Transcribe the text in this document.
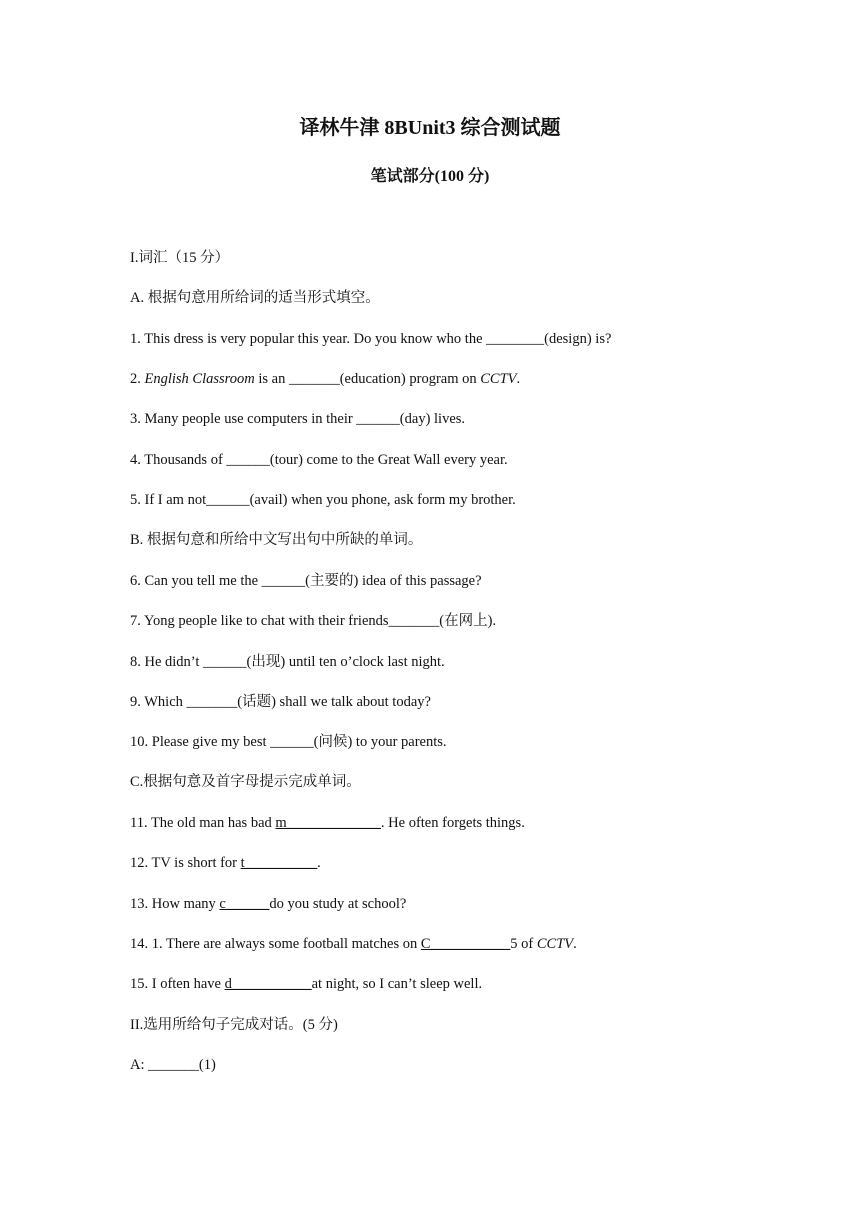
译林牛津 8BUnit3 综合测试题
笔试部分(100 分)
I.词汇（15 分）
A. 根据句意用所给词的适当形式填空。
1. This dress is very popular this year. Do you know who the ________(design) is?
2. English Classroom is an _______(education) program on CCTV.
3. Many people use computers in their ______(day) lives.
4. Thousands of ______(tour) come to the Great Wall every year.
5. If I am not______(avail) when you phone, ask form my brother.
B. 根据句意和所给中文写出句中所缺的单词。
6. Can you tell me the ______(主要的) idea of this passage?
7. Yong people like to chat with their friends_______(在网上).
8. He didn’t ______(出现) until ten o’clock last night.
9. Which _______(话题) shall we talk about today?
10. Please give my best ______(问候) to your parents.
C.根据句意及首字母提示完成单词。
11. The old man has bad m_____________. He often forgets things.
12. TV is short for t__________.
13. How many c______do you study at school?
14. 1. There are always some football matches on C___________5 of CCTV.
15. I often have d___________at night, so I can’t sleep well.
II.选用所给句子完成对话。(5 分)
A: _______(1)
